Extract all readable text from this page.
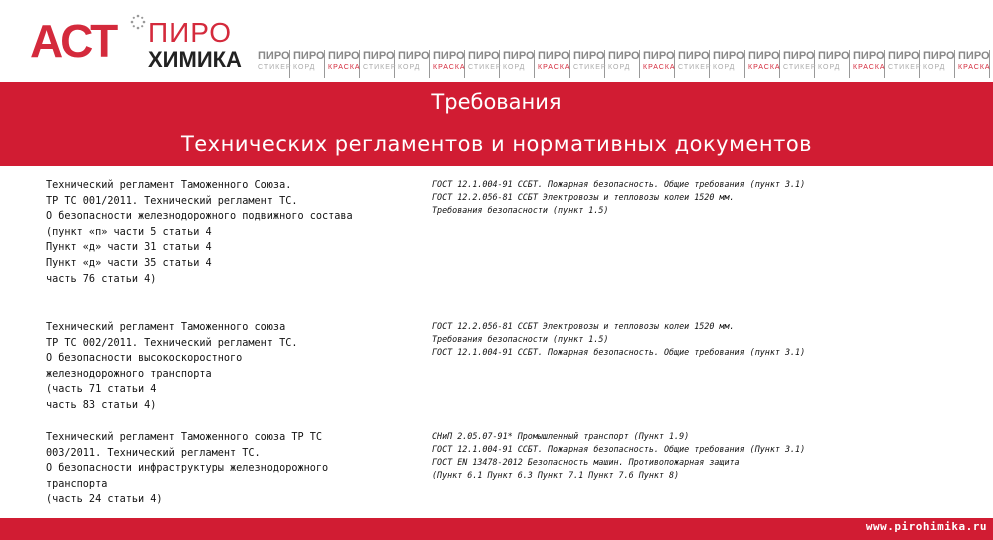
АСТ ПИРО
ХИМИКА ПИРО
СТИКЕР
ПИРО
КОРД
ПИРО
КРАСКА
ПИРО
СТИКЕР
ПИРО
КОРД
ПИРО
КРАСКА
ПИРО
СТИКЕР
ПИРО
КОРД
ПИРО
КРАСКА
ПИРО
СТИКЕР
ПИРО
КОРД
ПИРО
КРАСКА
ПИРО
СТИКЕР
ПИРО
КОРД
ПИРО
КРАСКА
ПИРО
СТИКЕР
ПИРО
КОРД
ПИРО
КРАСКА
ПИРО
СТИКЕР
ПИРО
КОРД
ПИРО
КРАСКА
Требования
Технических регламентов и нормативных документов
Технический регламент Таможенного Союза.
ТР ТС 001/2011. Технический регламент ТС.
О безопасности железнодорожного подвижного состава
(пункт «п» части 5 статьи 4
Пункт «д» части 31 статьи 4
Пункт «д» части 35 статьи 4
часть 76 статьи 4)
ГОСТ 12.1.004-91 ССБТ. Пожарная безопасность. Общие требования (пункт 3.1)
ГОСТ 12.2.056-81 ССБТ Электровозы и тепловозы колеи 1520 мм.
Требования безопасности (пункт 1.5)
Технический регламент Таможенного союза
ТР ТС 002/2011. Технический регламент ТС.
О безопасности высокоскоростного
железнодорожного транспорта
(часть 71 статьи 4
часть 83 статьи 4)
ГОСТ 12.2.056-81 ССБТ Электровозы и тепловозы колеи 1520 мм.
Требования безопасности (пункт 1.5)
ГОСТ 12.1.004-91 ССБТ. Пожарная безопасность. Общие требования (пункт 3.1)
Технический регламент Таможенного союза ТР ТС
003/2011. Технический регламент ТС.
О безопасности инфраструктуры железнодорожного
транспорта
(часть 24 статьи 4)
СНиП 2.05.07-91* Промышленный транспорт (Пункт 1.9)
ГОСТ 12.1.004-91 ССБТ. Пожарная безопасность. Общие требования (Пункт 3.1)
ГОСТ EN 13478-2012 Безопасность машин. Противопожарная защита
(Пункт 6.1 Пункт 6.3 Пункт 7.1 Пункт 7.6 Пункт 8)
www.pirohimika.ru
